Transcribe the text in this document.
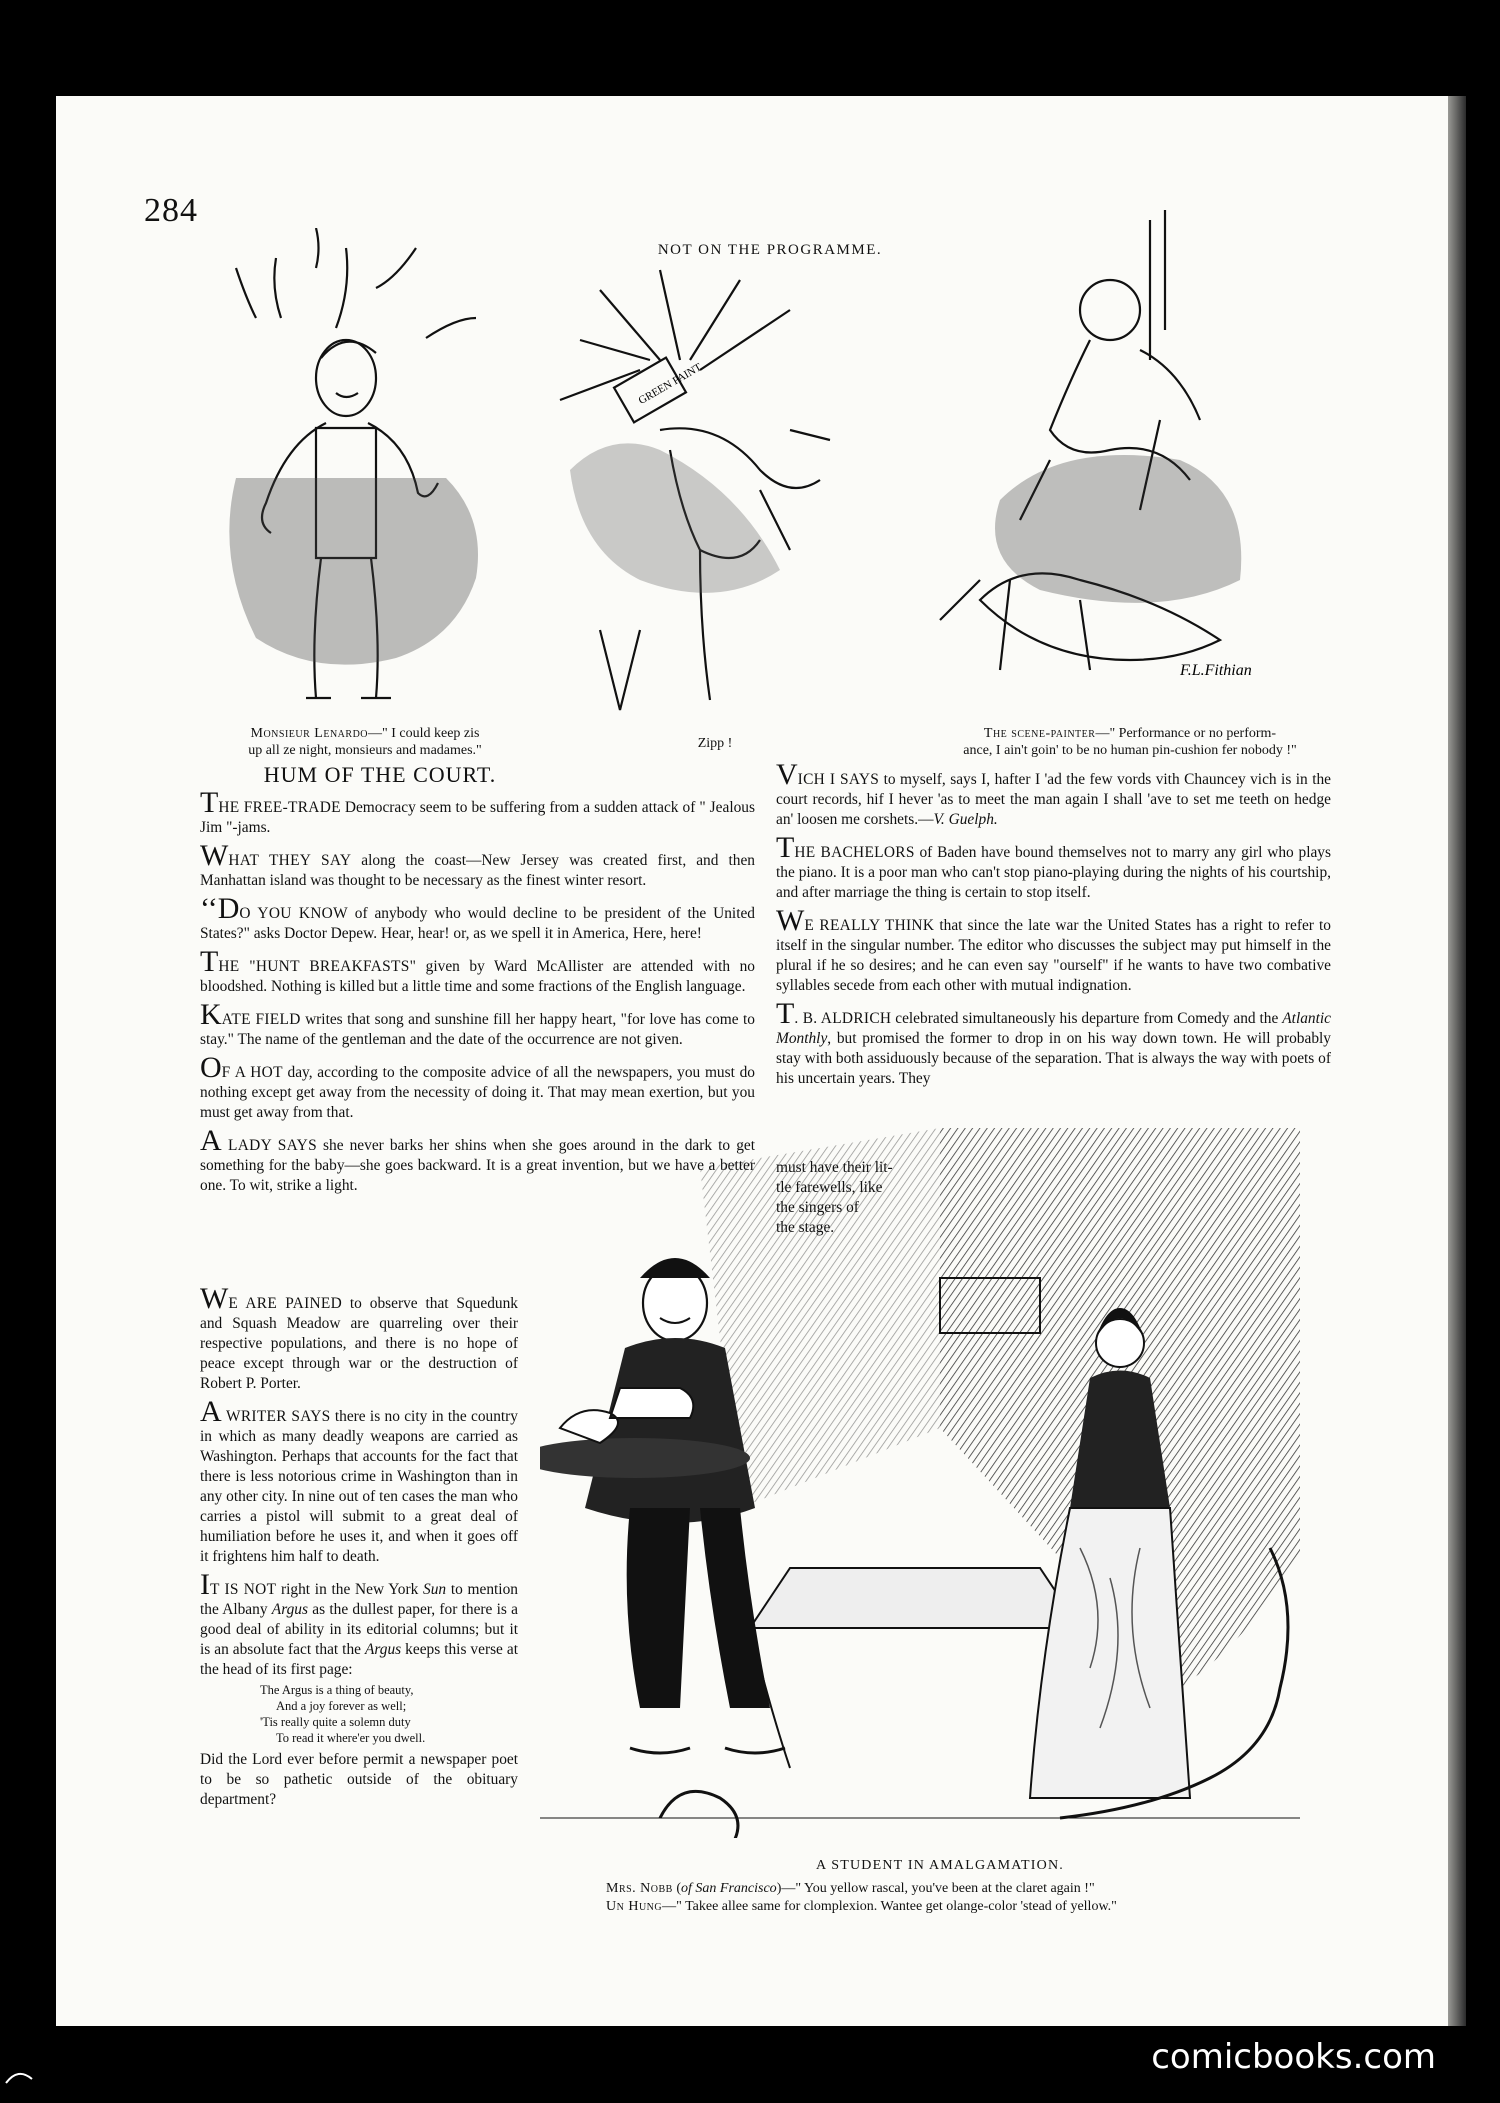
284
NOT ON THE PROGRAMME.
GREEN PAINT
F.L.Fithian
Monsieur Lenardo—" I could keep zis
up all ze night, monsieurs and madames."	Zipp !
The scene-painter—" Performance or no perform-
ance, I ain't goin' to be no human pin-cushion fer nobody !"
HUM OF THE COURT.

THE FREE-TRADE Democracy seem to be suffering from a sudden attack of " Jealous Jim "-jams.

WHAT THEY SAY along the coast—New Jersey was created first, and then Manhattan island was thought to be necessary as the finest winter resort.

‘‘DO YOU KNOW of anybody who would decline to be president of the United States?" asks Doctor Depew. Hear, hear! or, as we spell it in America, Here, here!

THE "HUNT BREAKFASTS" given by Ward McAllister are attended with no bloodshed. Nothing is killed but a little time and some fractions of the English language.

KATE FIELD writes that song and sunshine fill her happy heart, "for love has come to stay." The name of the gentleman and the date of the occurrence are not given.

OF A HOT day, according to the composite advice of all the newspapers, you must do nothing except get away from the necessity of doing it. That may mean exertion, but you must get away from that.

A LADY SAYS she never barks her shins when she goes around in the dark to get something for the baby—she goes backward. It is a great invention, but we have a better one. To wit, strike a light.

WE ARE PAINED to observe that Squedunk and Squash Meadow are quarreling over their respective populations, and there is no hope of peace except through war or the destruction of Robert P. Porter.

A WRITER SAYS there is no city in the country in which as many deadly weapons are carried as Washington. Perhaps that accounts for the fact that there is less notorious crime in Washington than in any other city. In nine out of ten cases the man who carries a pistol will submit to a great deal of humiliation before he uses it, and when it goes off it frightens him half to death.

IT IS NOT right in the New York Sun to mention the Albany Argus as the dullest paper, for there is a good deal of ability in its editorial columns; but it is an absolute fact that the Argus keeps this verse at the head of its first page:

The Argus is a thing of beauty,
And a joy forever as well;
'Tis really quite a solemn duty
To read it where'er you dwell.

Did the Lord ever before permit a newspaper poet to be so pathetic outside of the obituary department?

VICH I SAYS to myself, says I, hafter I 'ad the few vords vith Chauncey vich is in the court records, hif I hever 'as to meet the man again I shall 'ave to set me teeth on hedge an' loosen me corshets.—V. Guelph.

THE BACHELORS of Baden have bound themselves not to marry any girl who plays the piano. It is a poor man who can't stop piano-playing during the nights of his courtship, and after marriage the thing is certain to stop itself.

WE REALLY THINK that since the late war the United States has a right to refer to itself in the singular number. The editor who discusses the subject may put himself in the plural if he so desires; and he can even say "ourself" if he wants to have two combative syllables secede from each other with mutual indignation.

T. B. ALDRICH celebrated simultaneously his departure from Comedy and the Atlantic Monthly, but promised the former to drop in on his way down town. He will probably stay with both assiduously because of the separation. That is always the way with poets of his uncertain years. They

must have their lit-
tle farewells, like
the singers of
the stage.
A STUDENT IN AMALGAMATION.
Mrs. Nobb (of San Francisco)—" You yellow rascal, you've been at the claret again !"
Un Hung—" Takee allee same for clomplexion. Wantee get olange-color 'stead of yellow."
comicbooks.com
